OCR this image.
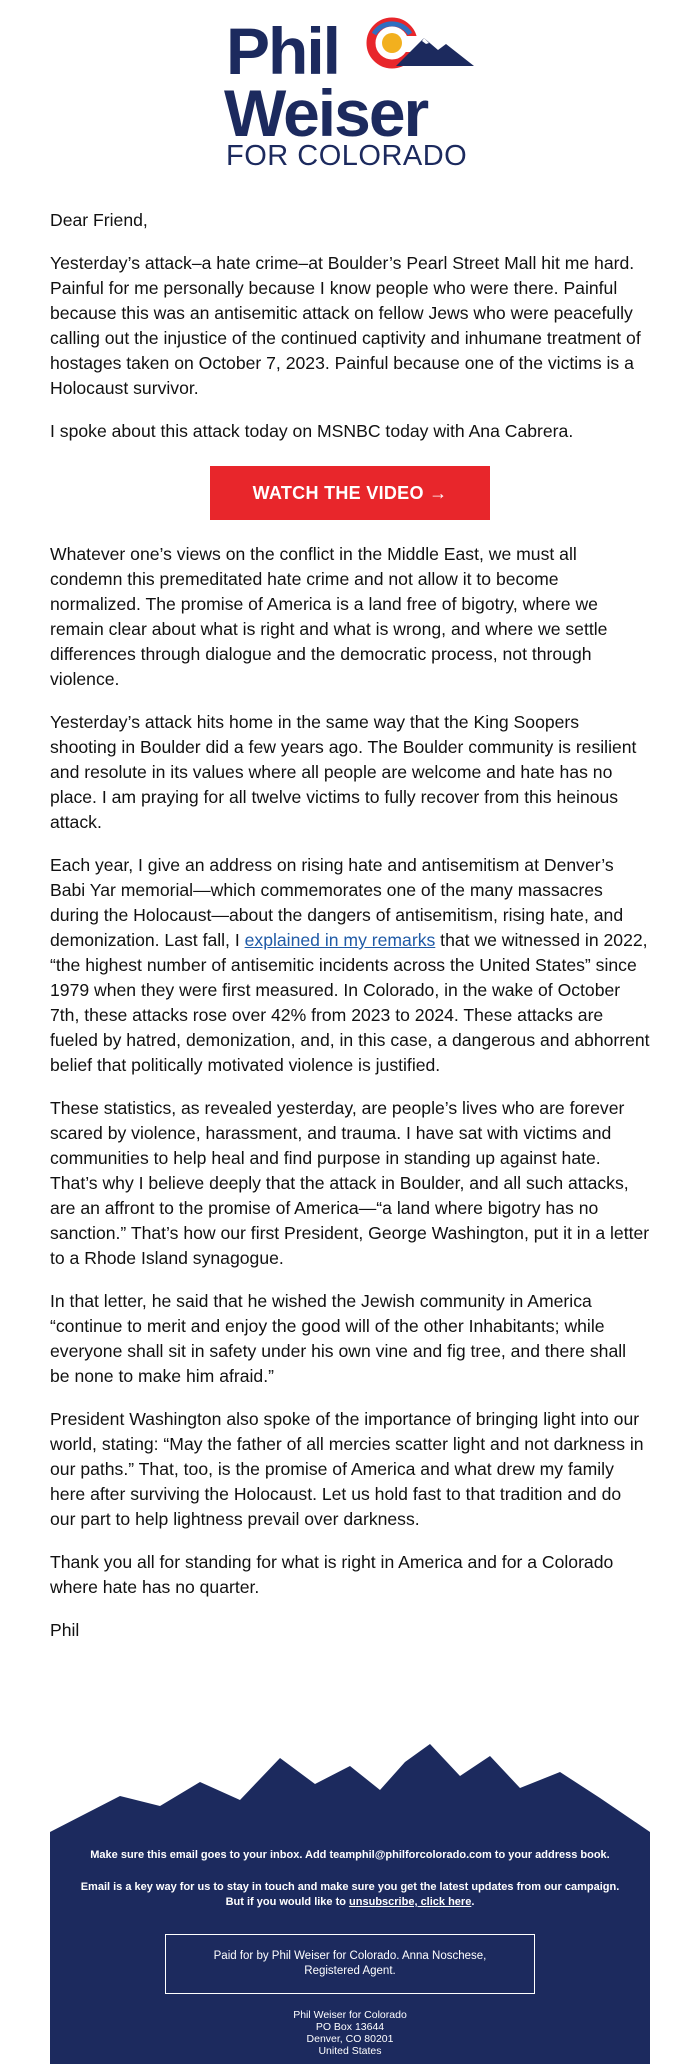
Phil
Weiser
FOR COLORADO

Dear Friend,

Yesterday’s attack–a hate crime–at Boulder’s Pearl Street Mall hit me hard. Painful for me personally because I know people who were there. Painful because this was an antisemitic attack on fellow Jews who were peacefully calling out the injustice of the continued captivity and inhumane treatment of hostages taken on October 7, 2023. Painful because one of the victims is a Holocaust survivor.

I spoke about this attack today on MSNBC today with Ana Cabrera.

WATCH THE VIDEO →

Whatever one’s views on the conflict in the Middle East, we must all condemn this premeditated hate crime and not allow it to become normalized. The promise of America is a land free of bigotry, where we remain clear about what is right and what is wrong, and where we settle differences through dialogue and the democratic process, not through violence.

Yesterday’s attack hits home in the same way that the King Soopers shooting in Boulder did a few years ago. The Boulder community is resilient and resolute in its values where all people are welcome and hate has no place. I am praying for all twelve victims to fully recover from this heinous attack.

Each year, I give an address on rising hate and antisemitism at Denver’s Babi Yar memorial—which commemorates one of the many massacres during the Holocaust—about the dangers of antisemitism, rising hate, and demonization. Last fall, I explained in my remarks that we witnessed in 2022, “the highest number of antisemitic incidents across the United States” since 1979 when they were first measured. In Colorado, in the wake of October 7th, these attacks rose over 42% from 2023 to 2024. These attacks are fueled by hatred, demonization, and, in this case, a dangerous and abhorrent belief that politically motivated violence is justified.

These statistics, as revealed yesterday, are people’s lives who are forever scared by violence, harassment, and trauma. I have sat with victims and communities to help heal and find purpose in standing up against hate. That’s why I believe deeply that the attack in Boulder, and all such attacks, are an affront to the promise of America—“a land where bigotry has no sanction.” That’s how our first President, George Washington, put it in a letter to a Rhode Island synagogue.

In that letter, he said that he wished the Jewish community in America “continue to merit and enjoy the good will of the other Inhabitants; while everyone shall sit in safety under his own vine and fig tree, and there shall be none to make him afraid.”

President Washington also spoke of the importance of bringing light into our world, stating: “May the father of all mercies scatter light and not darkness in our paths.” That, too, is the promise of America and what drew my family here after surviving the Holocaust. Let us hold fast to that tradition and do our part to help lightness prevail over darkness.

Thank you all for standing for what is right in America and for a Colorado where hate has no quarter.

Phil

Make sure this email goes to your inbox. Add teamphil@philforcolorado.com to your address book.
Email is a key way for us to stay in touch and make sure you get the latest updates from our campaign. But if you would like to unsubscribe, click here.
Paid for by Phil Weiser for Colorado. Anna Noschese, Registered Agent.
Phil Weiser for Colorado
PO Box 13644
Denver, CO 80201
United States
